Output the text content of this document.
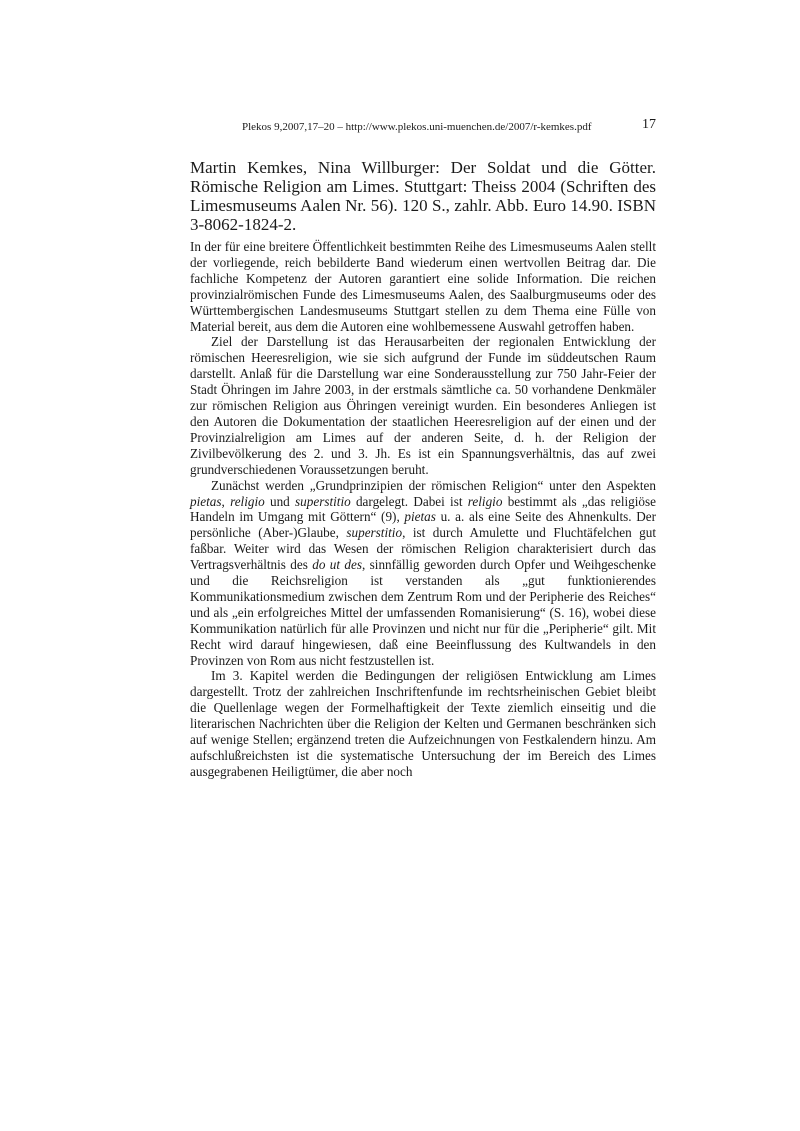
Plekos 9,2007,17–20 – http://www.plekos.uni-muenchen.de/2007/r-kemkes.pdf	17
Martin Kemkes, Nina Willburger: Der Soldat und die Götter. Römische Religion am Limes. Stuttgart: Theiss 2004 (Schriften des Limesmuseums Aalen Nr. 56). 120 S., zahlr. Abb. Euro 14.90. ISBN 3-8062-1824-2.

In der für eine breitere Öffentlichkeit bestimmten Reihe des Limesmuseums Aalen stellt der vorliegende, reich bebilderte Band wiederum einen wertvollen Beitrag dar. Die fachliche Kompetenz der Autoren garantiert eine solide Information. Die reichen provinzialrömischen Funde des Limesmuseums Aalen, des Saalburgmuseums oder des Württembergischen Landesmuseums Stuttgart stellen zu dem Thema eine Fülle von Material bereit, aus dem die Autoren eine wohlbemessene Auswahl getroffen haben.

Ziel der Darstellung ist das Herausarbeiten der regionalen Entwicklung der römischen Heeresreligion, wie sie sich aufgrund der Funde im süddeutschen Raum darstellt. Anlaß für die Darstellung war eine Sonderausstellung zur 750 Jahr-Feier der Stadt Öhringen im Jahre 2003, in der erstmals sämtliche ca. 50 vorhandene Denkmäler zur römischen Religion aus Öhringen vereinigt wurden. Ein besonderes Anliegen ist den Autoren die Dokumentation der staatlichen Heeresreligion auf der einen und der Provinzialreligion am Limes auf der anderen Seite, d. h. der Religion der Zivilbevölkerung des 2. und 3. Jh. Es ist ein Spannungsverhältnis, das auf zwei grundverschiedenen Voraussetzungen beruht.

Zunächst werden „Grundprinzipien der römischen Religion“ unter den Aspekten pietas, religio und superstitio dargelegt. Dabei ist religio bestimmt als „das religiöse Handeln im Umgang mit Göttern“ (9), pietas u. a. als eine Seite des Ahnenkults. Der persönliche (Aber-)Glaube, superstitio, ist durch Amulette und Fluchtäfelchen gut faßbar. Weiter wird das Wesen der römischen Religion charakterisiert durch das Vertragsverhältnis des do ut des, sinnfällig geworden durch Opfer und Weihgeschenke und die Reichsreligion ist verstanden als „gut funktionierendes Kommunikationsmedium zwischen dem Zentrum Rom und der Peripherie des Reiches“ und als „ein erfolgreiches Mittel der umfassenden Romanisierung“ (S. 16), wobei diese Kommunikation natürlich für alle Provinzen und nicht nur für die „Peripherie“ gilt. Mit Recht wird darauf hingewiesen, daß eine Beeinflussung des Kultwandels in den Provinzen von Rom aus nicht festzustellen ist.

Im 3. Kapitel werden die Bedingungen der religiösen Entwicklung am Limes dargestellt. Trotz der zahlreichen Inschriftenfunde im rechtsrheinischen Gebiet bleibt die Quellenlage wegen der Formelhaftigkeit der Texte ziemlich einseitig und die literarischen Nachrichten über die Religion der Kelten und Germanen beschränken sich auf wenige Stellen; ergänzend treten die Aufzeichnungen von Festkalendern hinzu. Am aufschlußreichsten ist die systematische Untersuchung der im Bereich des Limes ausgegrabenen Heiligtümer, die aber noch
